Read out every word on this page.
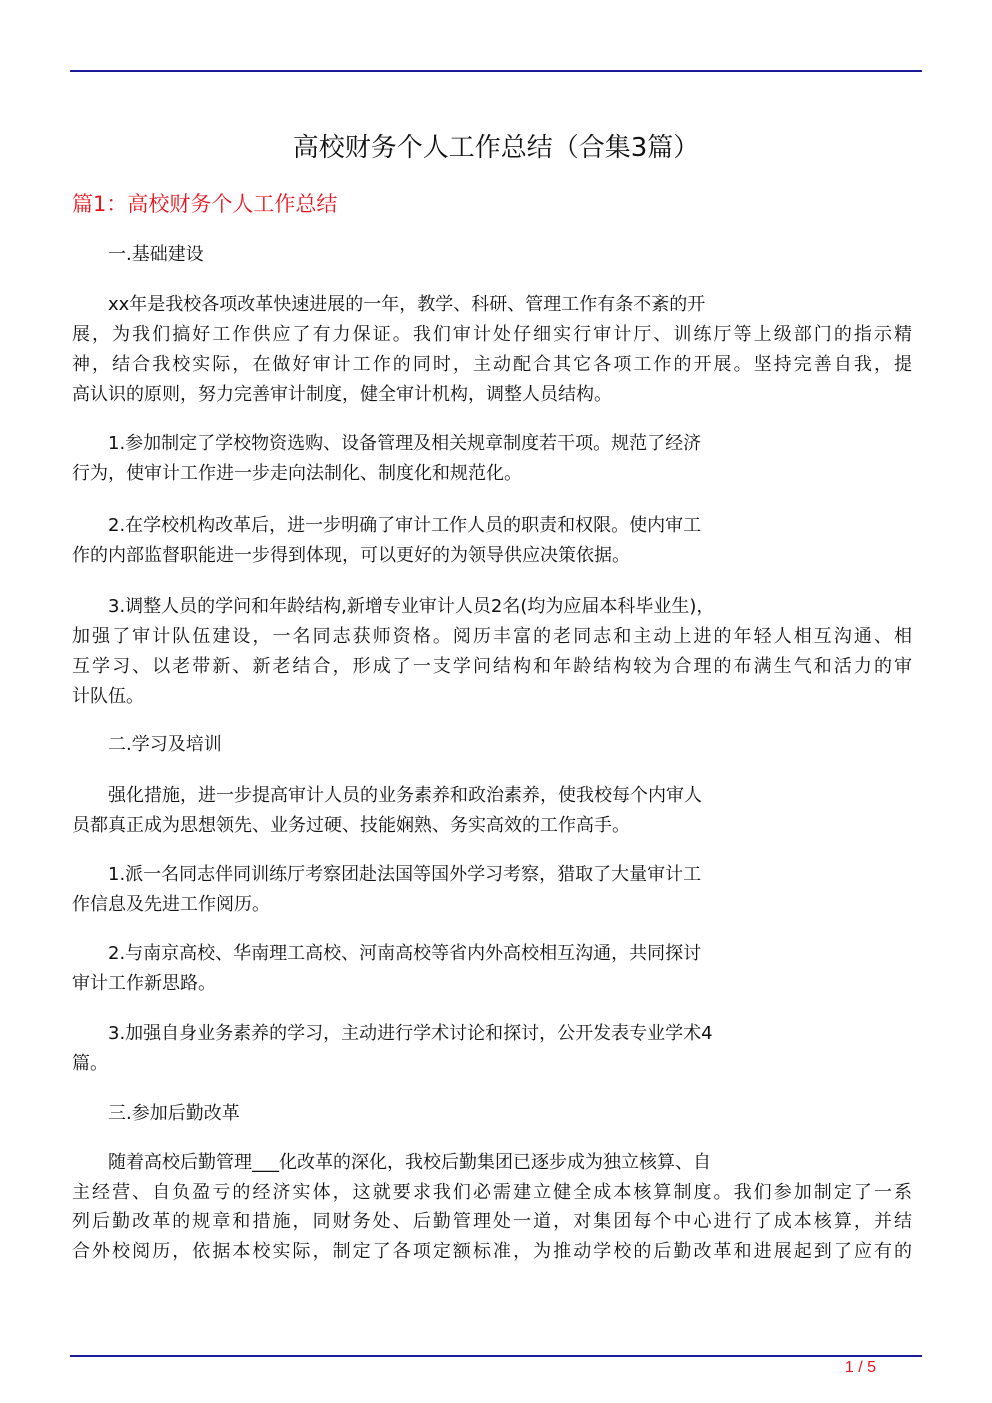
高校财务个人工作总结（合集3篇）
篇1：高校财务个人工作总结
一.基础建设
xx年是我校各项改革快速进展的一年，教学、科研、管理工作有条不紊的开
展，为我们搞好工作供应了有力保证。我们审计处仔细实行审计厅、训练厅等上级部门的指示精
神，结合我校实际，在做好审计工作的同时，主动配合其它各项工作的开展。坚持完善自我，提
高认识的原则，努力完善审计制度，健全审计机构，调整人员结构。
1.参加制定了学校物资选购、设备管理及相关规章制度若干项。规范了经济
行为，使审计工作进一步走向法制化、制度化和规范化。
2.在学校机构改革后，进一步明确了审计工作人员的职责和权限。使内审工
作的内部监督职能进一步得到体现，可以更好的为领导供应决策依据。
3.调整人员的学问和年龄结构,新增专业审计人员2名(均为应届本科毕业生)，
加强了审计队伍建设，一名同志获师资格。阅历丰富的老同志和主动上进的年轻人相互沟通、相
互学习、以老带新、新老结合，形成了一支学问结构和年龄结构较为合理的布满生气和活力的审
计队伍。
二.学习及培训
强化措施，进一步提高审计人员的业务素养和政治素养，使我校每个内审人
员都真正成为思想领先、业务过硬、技能娴熟、务实高效的工作高手。
1.派一名同志伴同训练厅考察团赴法国等国外学习考察，猎取了大量审计工
作信息及先进工作阅历。
2.与南京高校、华南理工高校、河南高校等省内外高校相互沟通，共同探讨
审计工作新思路。
3.加强自身业务素养的学习，主动进行学术讨论和探讨，公开发表专业学术4
篇。
三.参加后勤改革
随着高校后勤管理___化改革的深化，我校后勤集团已逐步成为独立核算、自
主经营、自负盈亏的经济实体，这就要求我们必需建立健全成本核算制度。我们参加制定了一系
列后勤改革的规章和措施，同财务处、后勤管理处一道，对集团每个中心进行了成本核算，并结
合外校阅历，依据本校实际，制定了各项定额标准，为推动学校的后勤改革和进展起到了应有的
1 / 5
